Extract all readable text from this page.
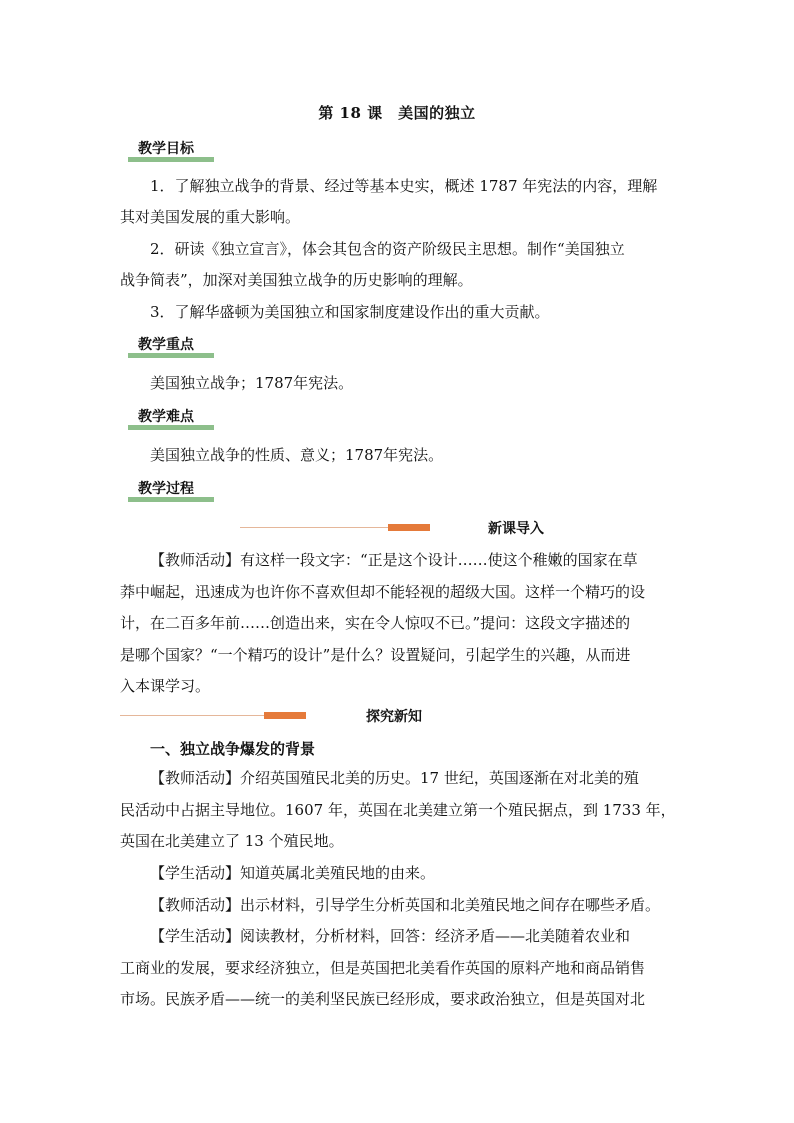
第 18 课　美国的独立
教学目标

1．了解独立战争的背景、经过等基本史实，概述 1787 年宪法的内容，理解

其对美国发展的重大影响。

2．研读《独立宣言》，体会其包含的资产阶级民主思想。制作“美国独立

战争简表”，加深对美国独立战争的历史影响的理解。

3．了解华盛顿为美国独立和国家制度建设作出的重大贡献。

教学重点

美国独立战争；1787年宪法。

教学难点

美国独立战争的性质、意义；1787年宪法。

教学过程
新课导入

【教师活动】有这样一段文字：“正是这个设计……使这个稚嫩的国家在草

莽中崛起，迅速成为也许你不喜欢但却不能轻视的超级大国。这样一个精巧的设

计，在二百多年前……创造出来，实在令人惊叹不已。”提问：这段文字描述的

是哪个国家？“一个精巧的设计”是什么？设置疑问，引起学生的兴趣，从而进

入本课学习。

探究新知
一、独立战争爆发的背景

【教师活动】介绍英国殖民北美的历史。17 世纪，英国逐渐在对北美的殖

民活动中占据主导地位。1607 年，英国在北美建立第一个殖民据点，到 1733 年，

英国在北美建立了 13 个殖民地。

【学生活动】知道英属北美殖民地的由来。

【教师活动】出示材料，引导学生分析英国和北美殖民地之间存在哪些矛盾。

【学生活动】阅读教材，分析材料，回答：经济矛盾——北美随着农业和

工商业的发展，要求经济独立，但是英国把北美看作英国的原料产地和商品销售

市场。民族矛盾——统一的美利坚民族已经形成，要求政治独立，但是英国对北
